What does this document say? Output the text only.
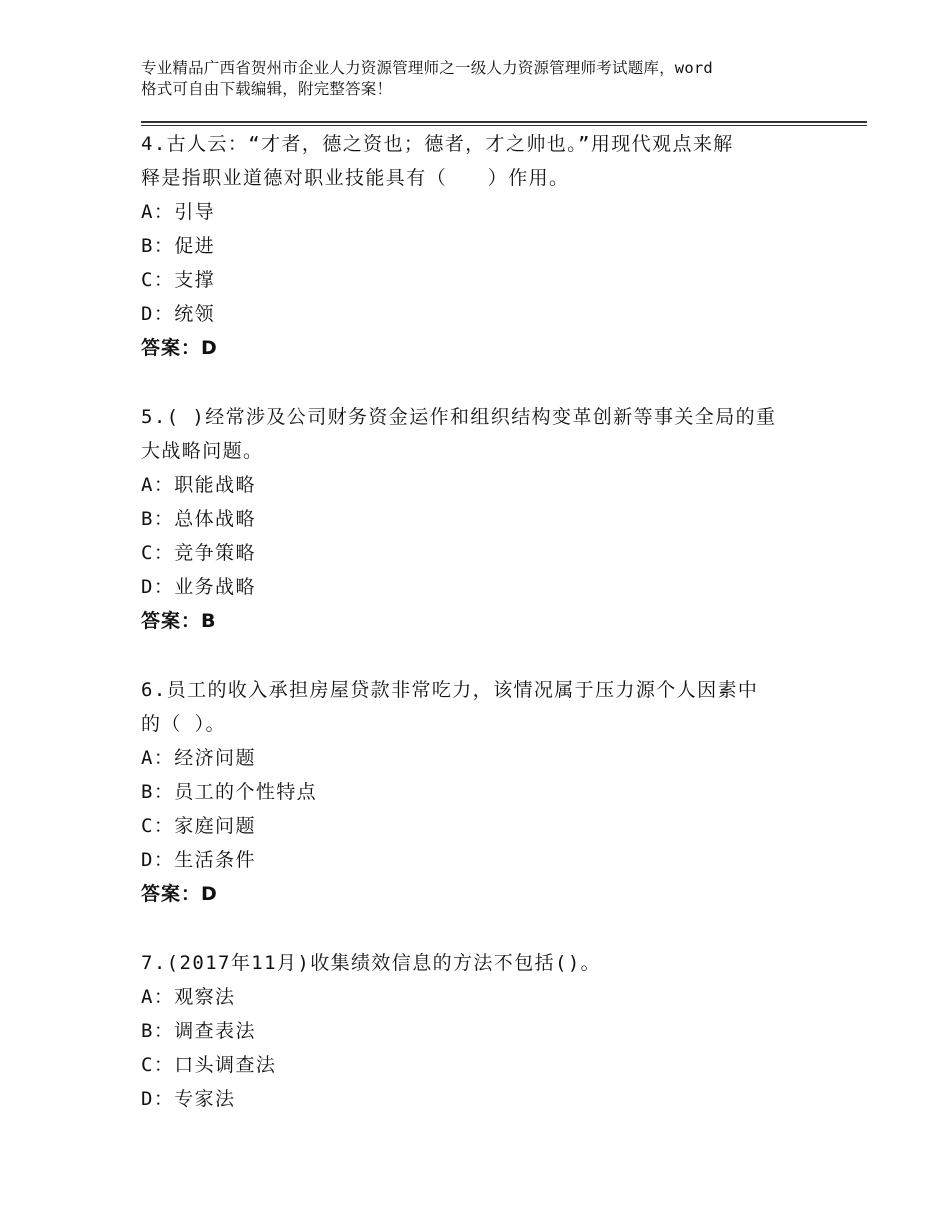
专业精品广西省贺州市企业人力资源管理师之一级人力资源管理师考试题库，word
格式可自由下载编辑，附完整答案！

4.古人云：“才者，德之资也；德者，才之帅也。”用现代观点来解

释是指职业道德对职业技能具有（　　）作用。

A：引导

B：促进

C：支撑

D：统领

答案：D

5.( )经常涉及公司财务资金运作和组织结构变革创新等事关全局的重

大战略问题。

A：职能战略

B：总体战略

C：竞争策略

D：业务战略

答案：B

6.员工的收入承担房屋贷款非常吃力，该情况属于压力源个人因素中

的（ ）。

A：经济问题

B：员工的个性特点

C：家庭问题

D：生活条件

答案：D

7.(2017年11月)收集绩效信息的方法不包括()。

A：观察法

B：调查表法

C：口头调查法

D：专家法
